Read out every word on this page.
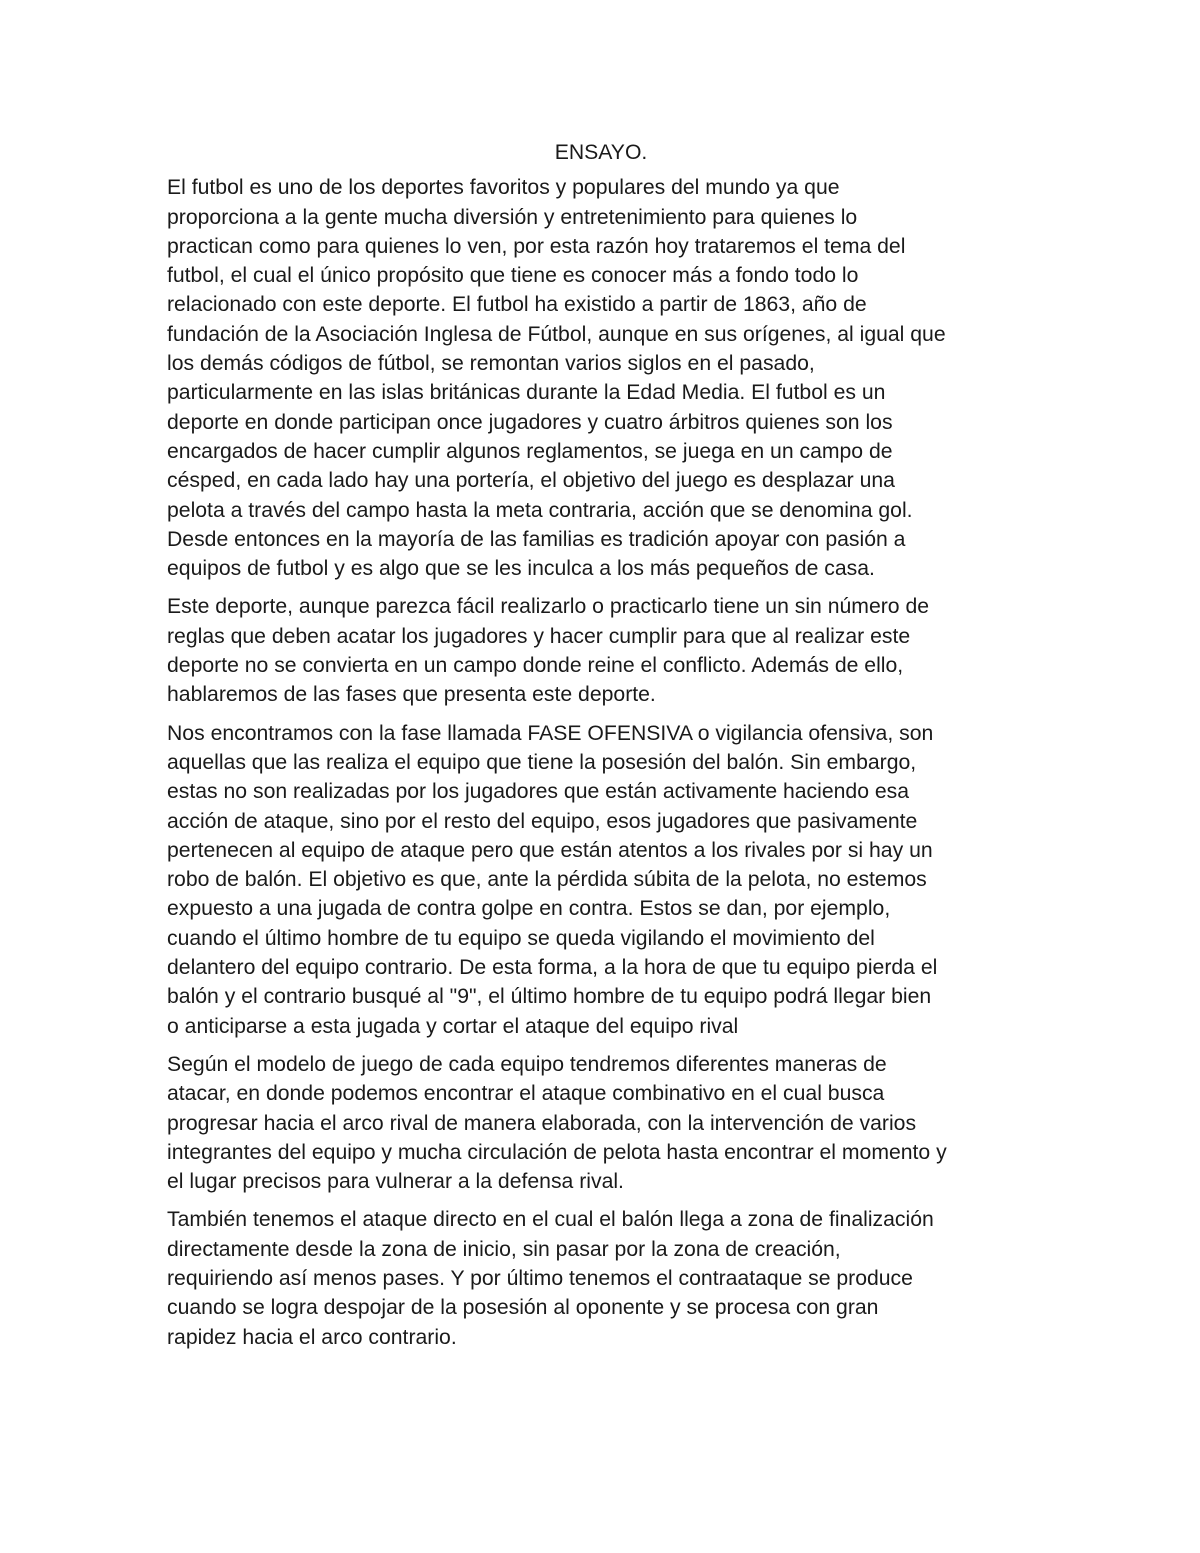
ENSAYO.
El futbol es uno de los deportes favoritos y populares del mundo ya que
proporciona a la gente mucha diversión y entretenimiento para quienes lo
practican como para quienes lo ven, por esta razón hoy trataremos el tema del
futbol, el cual el único propósito que tiene es conocer más a fondo todo lo
relacionado con este deporte. El futbol ha existido a partir de 1863, año de
fundación de la Asociación Inglesa de Fútbol, aunque en sus orígenes, al igual que
los demás códigos de fútbol, se remontan varios siglos en el pasado,
particularmente en las islas británicas durante la Edad Media. El futbol es un
deporte en donde participan once jugadores y cuatro árbitros quienes son los
encargados de hacer cumplir algunos reglamentos, se juega en un campo de
césped, en cada lado hay una portería, el objetivo del juego es desplazar una
pelota a través del campo hasta la meta contraria, acción que se denomina gol.
Desde entonces en la mayoría de las familias es tradición apoyar con pasión a
equipos de futbol y es algo que se les inculca a los más pequeños de casa.
Este deporte, aunque parezca fácil realizarlo o practicarlo tiene un sin número de
reglas que deben acatar los jugadores y hacer cumplir para que al realizar este
deporte no se convierta en un campo donde reine el conflicto. Además de ello,
hablaremos de las fases que presenta este deporte.
Nos encontramos con la fase llamada FASE OFENSIVA o vigilancia ofensiva, son
aquellas que las realiza el equipo que tiene la posesión del balón. Sin embargo,
estas no son realizadas por los jugadores que están activamente haciendo esa
acción de ataque, sino por el resto del equipo, esos jugadores que pasivamente
pertenecen al equipo de ataque pero que están atentos a los rivales por si hay un
robo de balón. El objetivo es que, ante la pérdida súbita de la pelota, no estemos
expuesto a una jugada de contra golpe en contra. Estos se dan, por ejemplo,
cuando el último hombre de tu equipo se queda vigilando el movimiento del
delantero del equipo contrario. De esta forma, a la hora de que tu equipo pierda el
balón y el contrario busqué al "9", el último hombre de tu equipo podrá llegar bien
o anticiparse a esta jugada y cortar el ataque del equipo rival
Según el modelo de juego de cada equipo tendremos diferentes maneras de
atacar, en donde podemos encontrar el ataque combinativo en el cual busca
progresar hacia el arco rival de manera elaborada, con la intervención de varios
integrantes del equipo y mucha circulación de pelota hasta encontrar el momento y
el lugar precisos para vulnerar a la defensa rival.
También tenemos el ataque directo en el cual el balón llega a zona de finalización
directamente desde la zona de inicio, sin pasar por la zona de creación,
requiriendo así menos pases. Y por último tenemos el contraataque se produce
cuando se logra despojar de la posesión al oponente y se procesa con gran
rapidez hacia el arco contrario.
